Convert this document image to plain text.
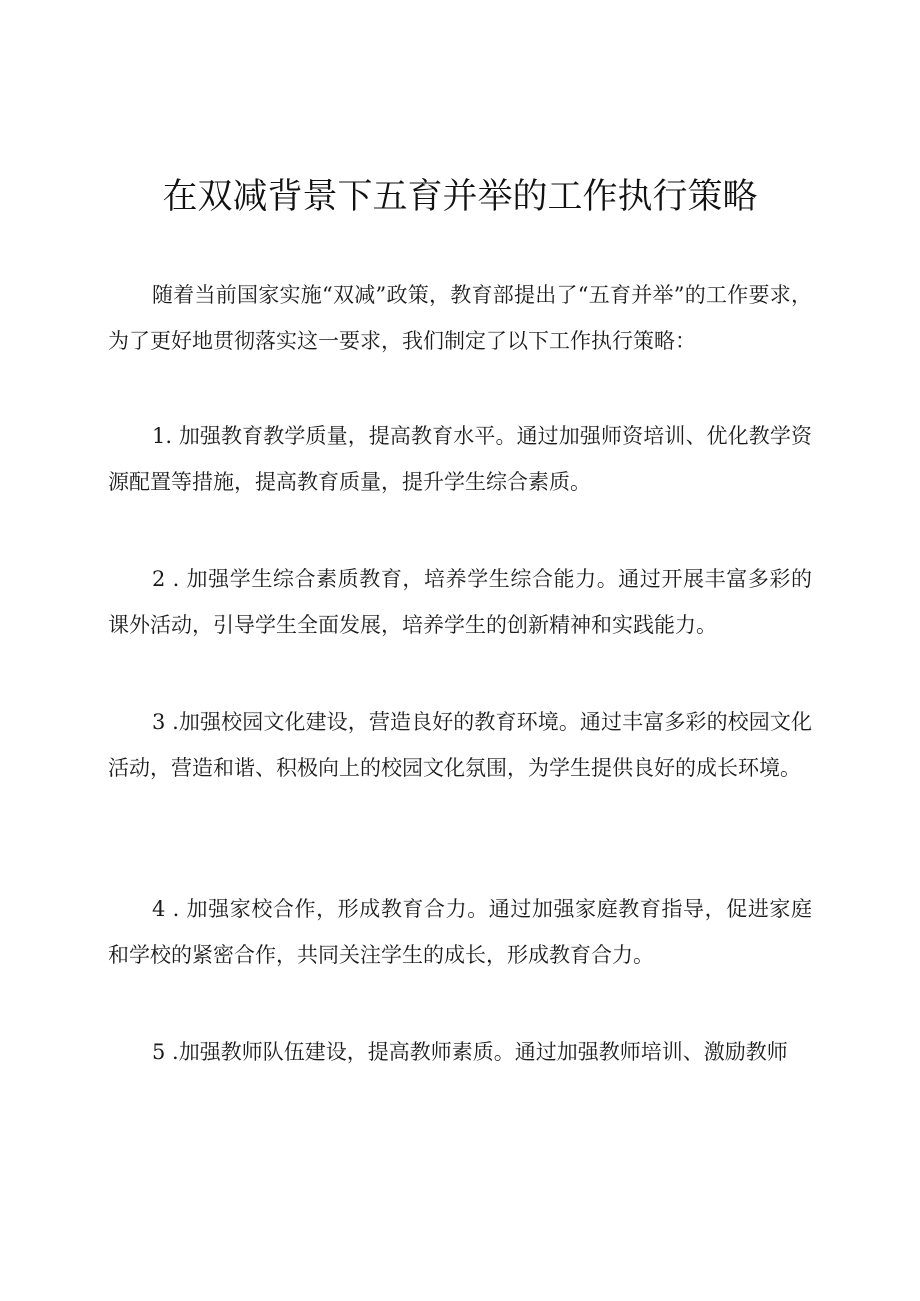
在双减背景下五育并举的工作执行策略

随着当前国家实施“双减”政策，教育部提出了“五育并举”的工作要求，为了更好地贯彻落实这一要求，我们制定了以下工作执行策略：

1. 加强教育教学质量，提高教育水平。通过加强师资培训、优化教学资源配置等措施，提高教育质量，提升学生综合素质。

2 . 加强学生综合素质教育，培养学生综合能力。通过开展丰富多彩的课外活动，引导学生全面发展，培养学生的创新精神和实践能力。

3 .加强校园文化建设，营造良好的教育环境。通过丰富多彩的校园文化活动，营造和谐、积极向上的校园文化氛围，为学生提供良好的成长环境。

4 . 加强家校合作，形成教育合力。通过加强家庭教育指导，促进家庭和学校的紧密合作，共同关注学生的成长，形成教育合力。

5 .加强教师队伍建设，提高教师素质。通过加强教师培训、激励教师
